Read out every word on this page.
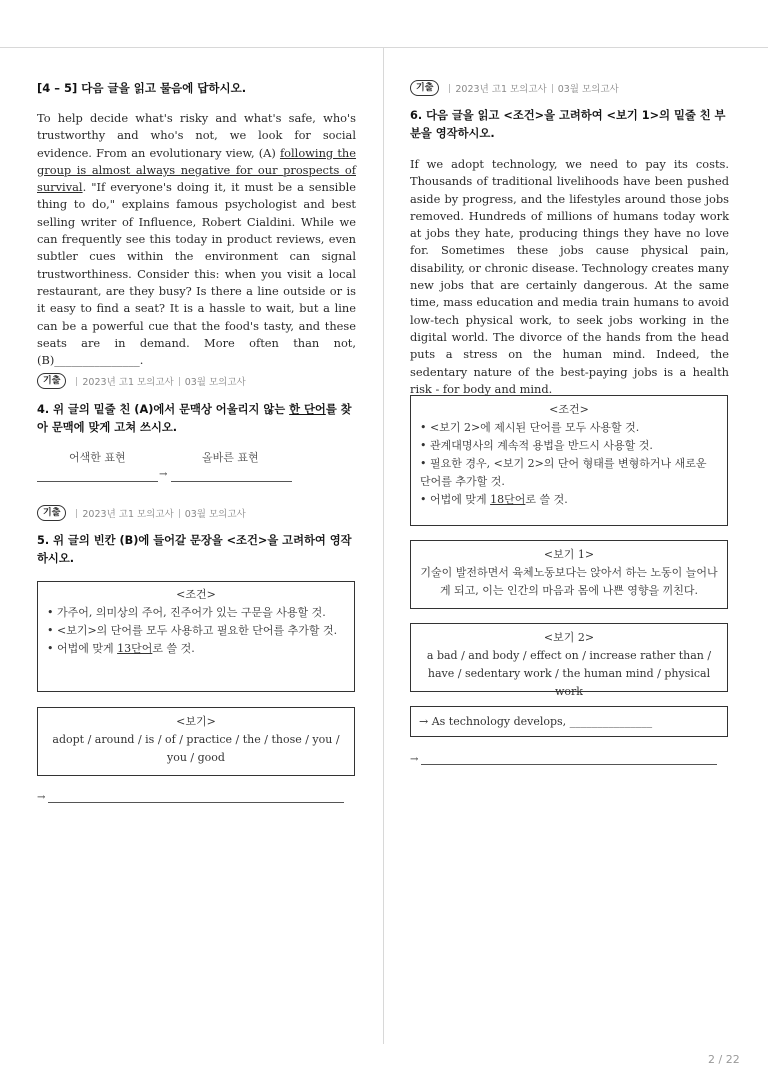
[4 – 5] 다음 글을 읽고 물음에 답하시오.
To help decide what's risky and what's safe, who's trustworthy and who's not, we look for social evidence. From an evolutionary view, (A) following the group is almost always negative for our prospects of survival. "If everyone's doing it, it must be a sensible thing to do," explains famous psychologist and best selling writer of Influence, Robert Cialdini. While we can frequently see this today in product reviews, even subtler cues within the environment can signal trustworthiness. Consider this: when you visit a local restaurant, are they busy? Is there a line outside or is it easy to find a seat? It is a hassle to wait, but a line can be a powerful cue that the food's tasty, and these seats are in demand. More often than not, (B)_______________.
기출	2023년 고1 모의고사 03월 모의고사
4. 위 글의 밑줄 친 (A)에서 문맥상 어울리지 않는 한 단어를 찾아 문맥에 맞게 고쳐 쓰시오.
어색한 표현	올바른 표현
→
기출	2023년 고1 모의고사 03월 모의고사
5. 위 글의 빈칸 (B)에 들어갈 문장을 <조건>을 고려하여 영작하시오.
<조건>
• 가주어, 의미상의 주어, 진주어가 있는 구문을 사용할 것.
• <보기>의 단어를 모두 사용하고 필요한 단어를 추가할 것.
• 어법에 맞게 13단어로 쓸 것.
<보기>
adopt / around / is / of / practice / the / those / you / you / good
→
기출	2023년 고1 모의고사 03월 모의고사
6. 다음 글을 읽고 <조건>을 고려하여 <보기 1>의 밑줄 친 부분을 영작하시오.
If we adopt technology, we need to pay its costs. Thousands of traditional livelihoods have been pushed aside by progress, and the lifestyles around those jobs removed. Hundreds of millions of humans today work at jobs they hate, producing things they have no love for. Sometimes these jobs cause physical pain, disability, or chronic disease. Technology creates many new jobs that are certainly dangerous. At the same time, mass education and media train humans to avoid low-tech physical work, to seek jobs working in the digital world. The divorce of the hands from the head puts a stress on the human mind. Indeed, the sedentary nature of the best-paying jobs is a health risk - for body and mind.
<조건>
• <보기 2>에 제시된 단어를 모두 사용할 것.
• 관계대명사의 계속적 용법을 반드시 사용할 것.
• 필요한 경우, <보기 2>의 단어 형태를 변형하거나 새로운 단어를 추가할 것.
• 어법에 맞게 18단어로 쓸 것.
<보기 1>
기술이 발전하면서 육체노동보다는 앉아서 하는 노동이 늘어나게 되고, 이는 인간의 마음과 몸에 나쁜 영향을 끼친다.
<보기 2>
a bad / and body / effect on / increase rather than / have / sedentary work / the human mind / physical work
→ As technology develops, _______________
→
2 / 22
